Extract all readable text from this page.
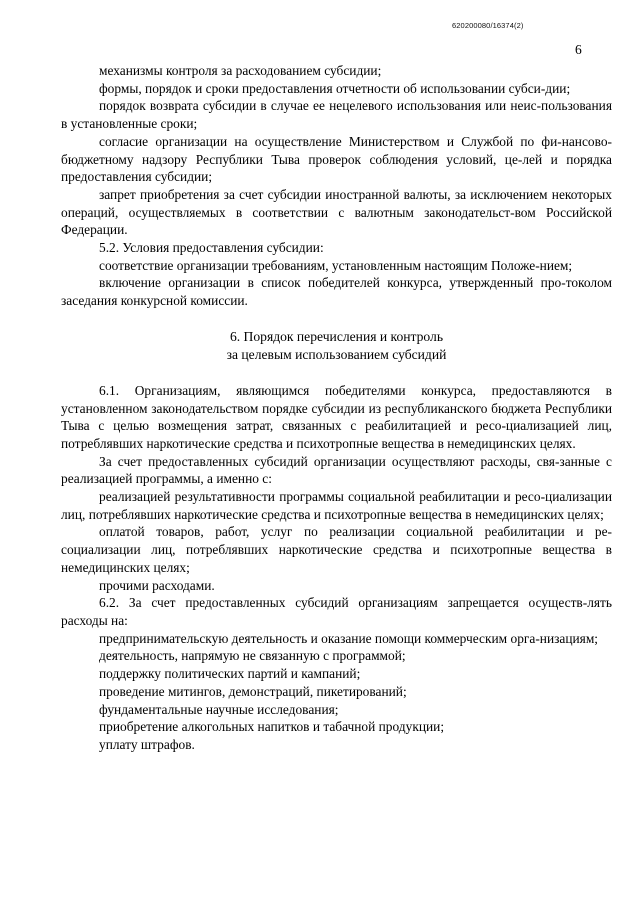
620200080/16374(2)
6

механизмы контроля за расходованием субсидии;

формы, порядок и сроки предоставления отчетности об использовании субси-дии;

порядок возврата субсидии в случае ее нецелевого использования или неис-пользования в установленные сроки;

согласие организации на осуществление Министерством и Службой по фи-нансово-бюджетному надзору Республики Тыва проверок соблюдения условий, це-лей и порядка предоставления субсидии;

запрет приобретения за счет субсидии иностранной валюты, за исключением некоторых операций, осуществляемых в соответствии с валютным законодательст-вом Российской Федерации.

5.2. Условия предоставления субсидии:

соответствие организации требованиям, установленным настоящим Положе-нием;

включение организации в список победителей конкурса, утвержденный про-токолом заседания конкурсной комиссии.

6. Порядок перечисления и контроль
за целевым использованием субсидий

6.1. Организациям, являющимся победителями конкурса, предоставляются в установленном законодательством порядке субсидии из республиканского бюджета Республики Тыва с целью возмещения затрат, связанных с реабилитацией и ресо-циализацией лиц, потреблявших наркотические средства и психотропные вещества в немедицинских целях.

За счет предоставленных субсидий организации осуществляют расходы, свя-занные с реализацией программы, а именно с:

реализацией результативности программы социальной реабилитации и ресо-циализации лиц, потреблявших наркотические средства и психотропные вещества в немедицинских целях;

оплатой товаров, работ, услуг по реализации социальной реабилитации и ре-социализации лиц, потреблявших наркотические средства и психотропные вещества в немедицинских целях;

прочими расходами.

6.2. За счет предоставленных субсидий организациям запрещается осуществ-лять расходы на:

предпринимательскую деятельность и оказание помощи коммерческим орга-низациям;

деятельность, напрямую не связанную с программой;

поддержку политических партий и кампаний;

проведение митингов, демонстраций, пикетирований;

фундаментальные научные исследования;

приобретение алкогольных напитков и табачной продукции;

уплату штрафов.
